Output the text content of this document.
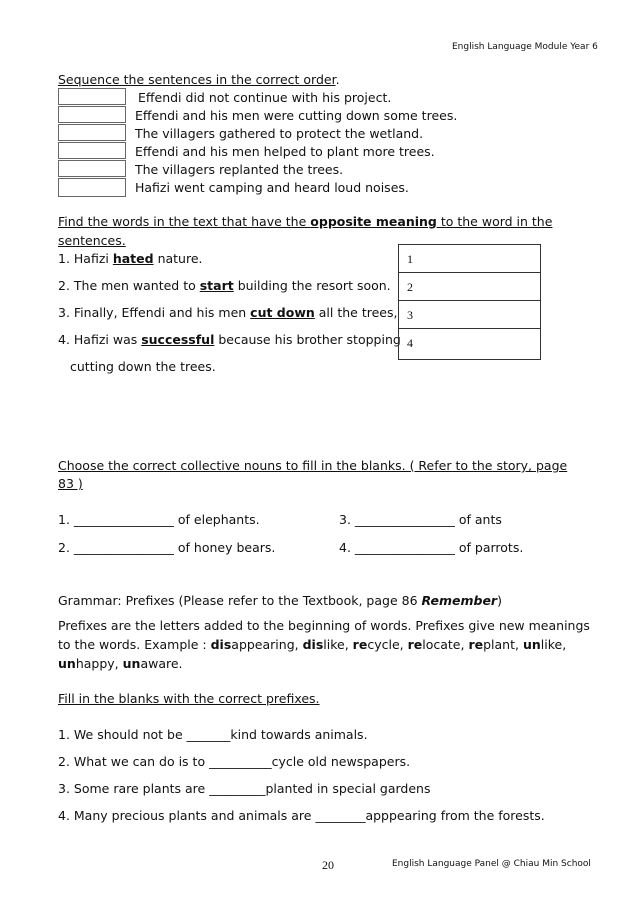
English Language Module Year 6
Sequence the sentences in the correct order.
Effendi did not continue with his project.
Effendi and his men were cutting down some trees.
The villagers gathered to protect the wetland.
Effendi and his men helped to plant more trees.
The villagers replanted the trees.
Hafizi went camping and heard loud noises.
Find the words in the text that have the opposite meaning to the word in the
sentences.
1. Hafizi hated nature.
2. The men wanted to start building the resort soon.
3. Finally, Effendi and his men cut down all the trees,
4. Hafizi was successful because his brother stopping
cutting down the trees.
1
2
3
4
Choose the correct collective nouns to fill in the blanks. ( Refer to the story, page
83 )
1. ________________ of elephants.
2. ________________ of honey bears.
3. ________________ of ants
4. ________________ of parrots.
Grammar: Prefixes (Please refer to the Textbook, page 86 Remember)
Prefixes are the letters added to the beginning of words. Prefixes give new meanings
to the words. Example : disappearing, dislike, recycle, relocate, replant, unlike,
unhappy, unaware.
Fill in the blanks with the correct prefixes.
1. We should not be _______kind towards animals.
2. What we can do is to __________cycle old newspapers.
3. Some rare plants are _________planted in special gardens
4. Many precious plants and animals are ________apppearing from the forests.
20	English Language Panel @ Chiau Min School
